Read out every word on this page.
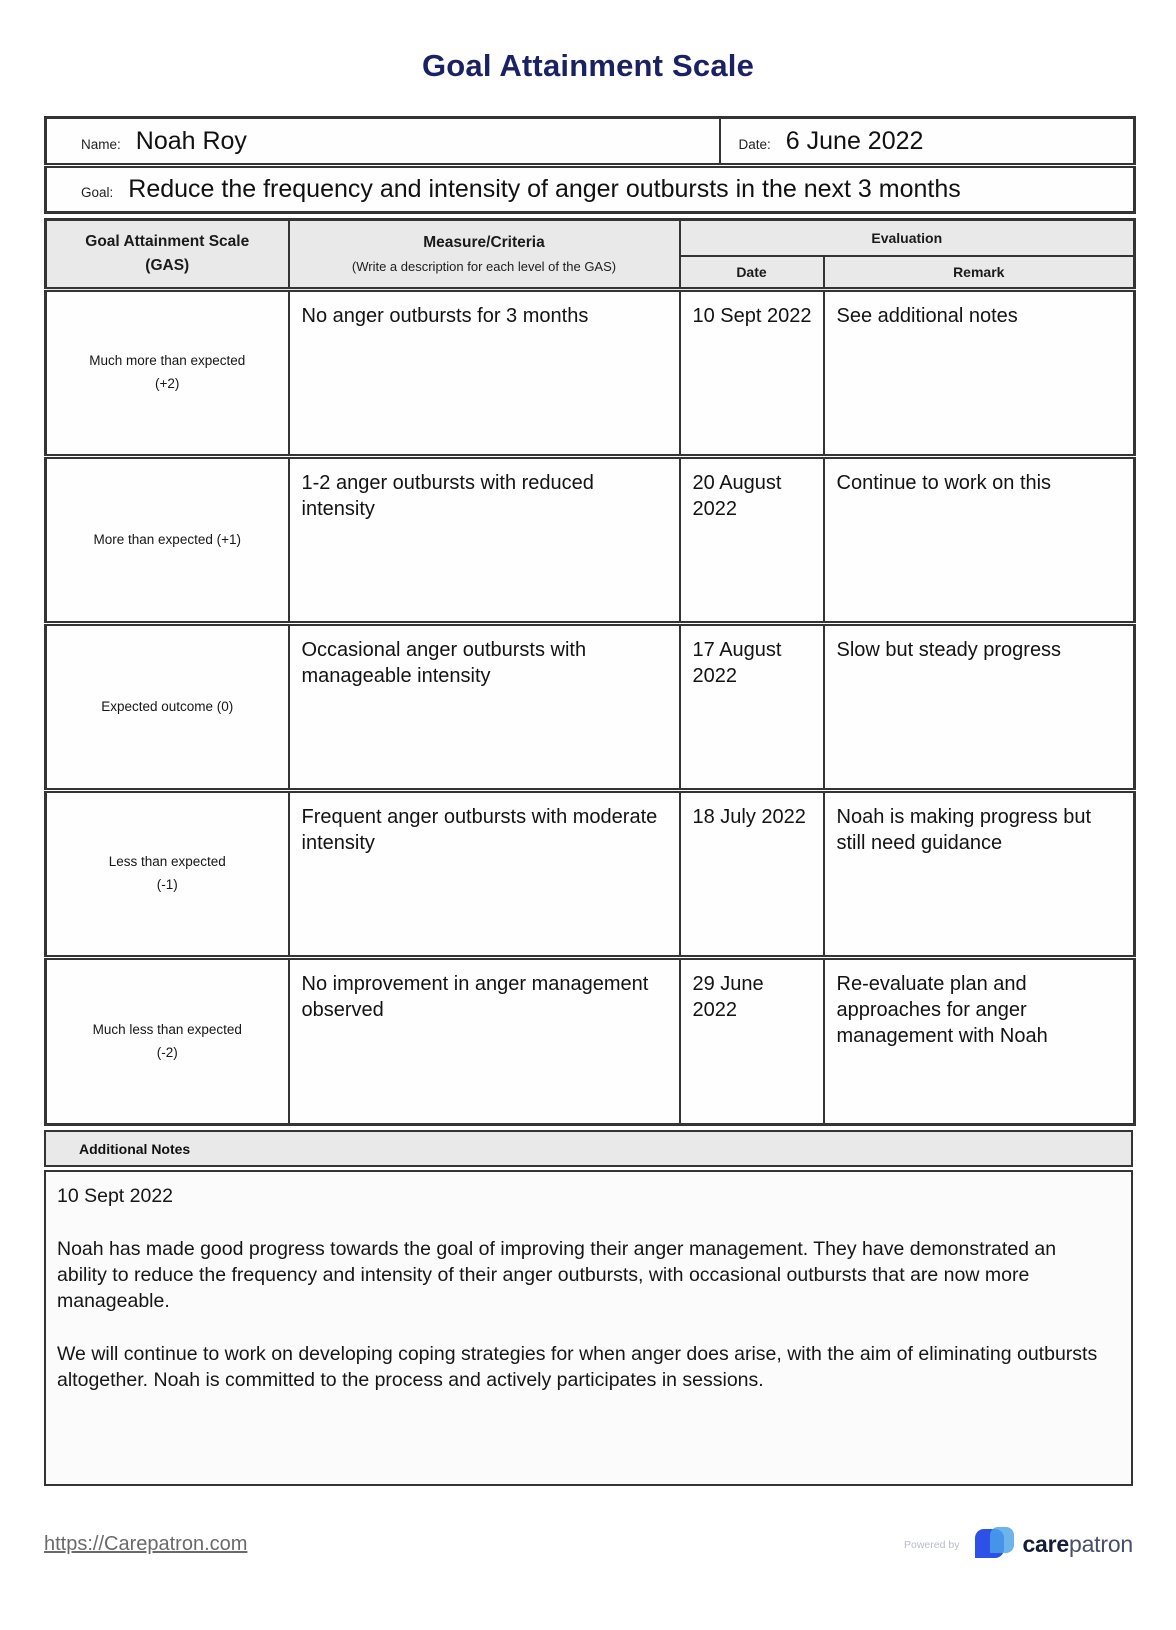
Goal Attainment Scale
Name: Noah Roy	Date: 6 June 2022

Goal: Reduce the frequency and intensity of anger outbursts in the next 3 months
Goal Attainment Scale
(GAS)

Measure/Criteria
(Write a description for each level of the GAS)
	Evaluation
		Date	Remark

Much more than expected
(+2)	No anger outbursts for 3 months	10 Sept 2022	See additional notes

More than expected (+1)	1-2 anger outbursts with reduced intensity	20 August 2022	Continue to work on this

Expected outcome (0)	Occasional anger outbursts with manageable intensity	17 August 2022	Slow but steady progress

Less than expected
(-1)	Frequent anger outbursts with moderate intensity	18 July 2022	Noah is making progress but still need guidance

Much less than expected
(-2)	No improvement in anger management observed	29 June 2022	Re-evaluate plan and approaches for anger management with Noah
Additional Notes
10 Sept 2022

Noah has made good progress towards the goal of improving their anger management. They have demonstrated an ability to reduce the frequency and intensity of their anger outbursts, with occasional outbursts that are now more manageable.

We will continue to work on developing coping strategies for when anger does arise, with the aim of eliminating outbursts altogether. Noah is committed to the process and actively participates in sessions.

https://Carepatron.com	Powered by	carepatron
